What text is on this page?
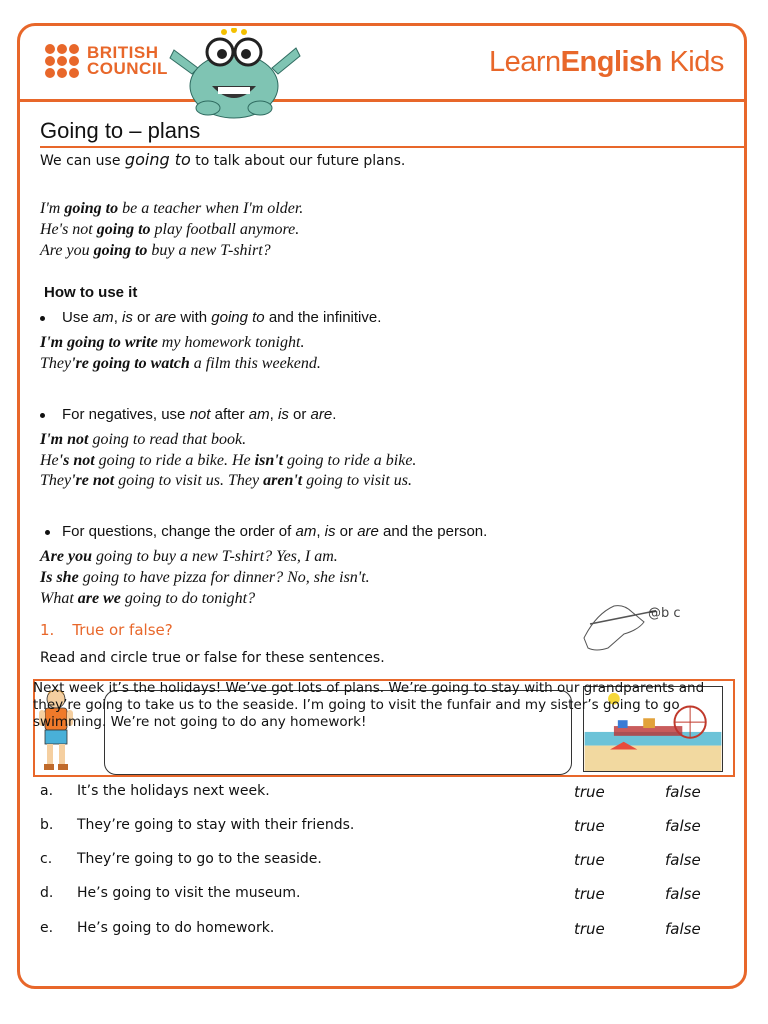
BRITISH
COUNCIL	LearnEnglish Kids
Going to – plans
We can use going to to talk about our future plans.
I'm going to be a teacher when I'm older.
He's not going to play football anymore.
Are you going to buy a new T-shirt?
How to use it
Use am, is or are with going to and the infinitive.
I'm going to write my homework tonight.
They're going to watch a film this weekend.
For negatives, use not after am, is or are.
I'm not going to read that book.
He's not going to ride a bike. He isn't going to ride a bike.
They're not going to visit us. They aren't going to visit us.
For questions, change the order of am, is or are and the person.
Are you going to buy a new T-shirt? Yes, I am.
Is she going to have pizza for dinner? No, she isn't.
What are we going to do tonight?
1. True or false?
@b c
Read and circle true or false for these sentences.
Next week it’s the holidays! We’ve got lots of plans. We’re going to stay with our grandparents and they’re going to take us to the seaside. I’m going to visit the funfair and my sister’s going to go swimming. We’re not going to do any homework!
a. It’s the holidays next week.	true	false
b. They’re going to stay with their friends.	true	false
c. They’re going to go to the seaside.	true	false
d. He’s going to visit the museum.	true	false
e. He’s going to do homework.	true	false
